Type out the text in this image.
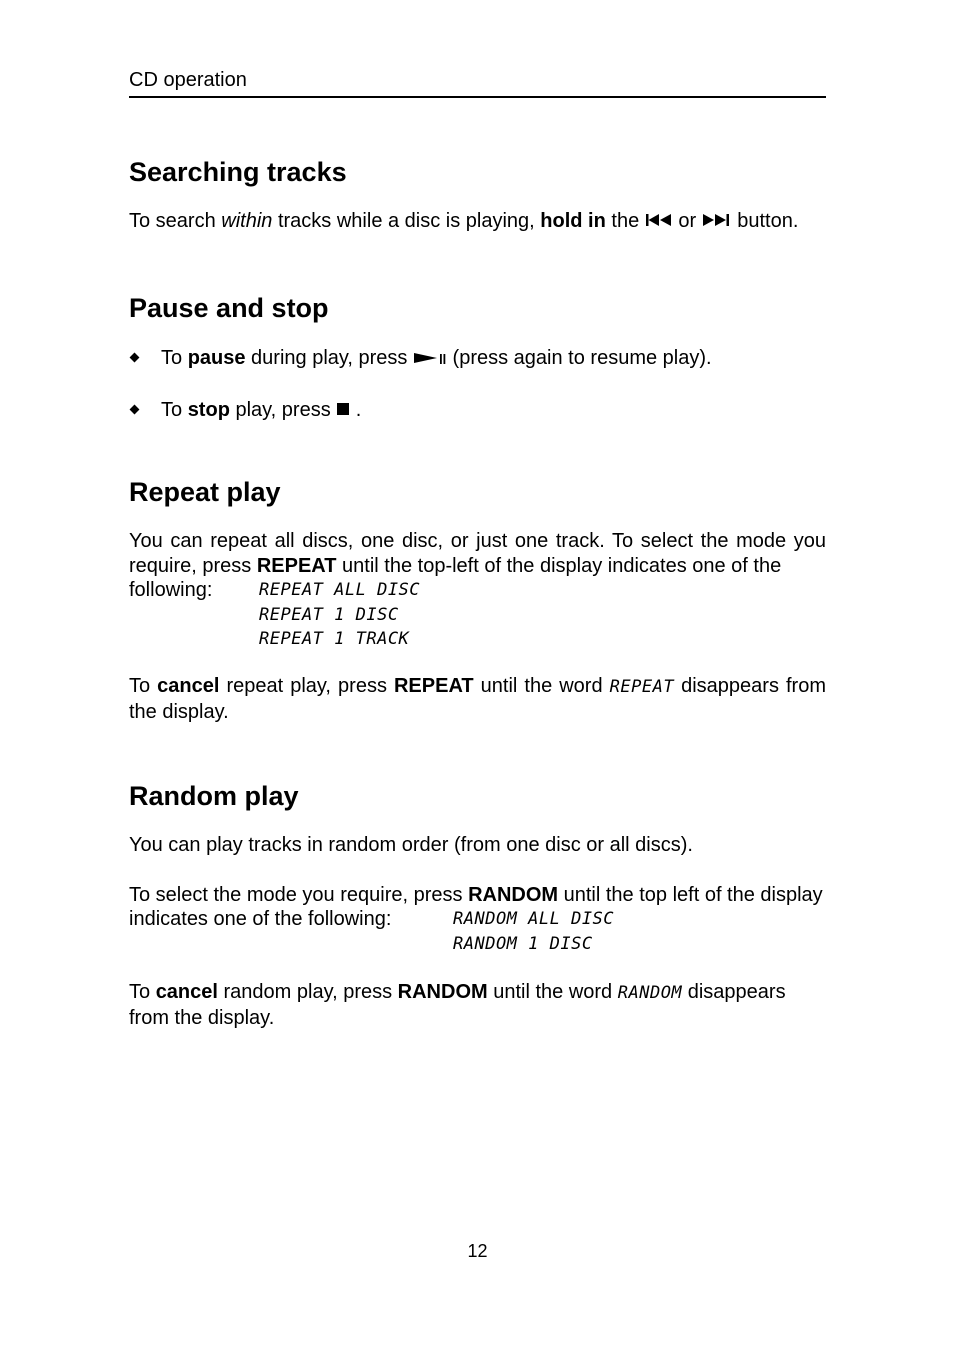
CD operation
Searching tracks

To search within tracks while a disc is playing, hold in the  or  button.

Pause and stop
To pause during play, press  (press again to resume play).
To stop play, press  .
Repeat play

You can repeat all discs, one disc, or just one track. To select the mode you require, press REPEAT until the top-left of the display indicates one of the

following:	REPEAT ALL DISC
REPEAT 1 DISC
REPEAT 1 TRACK

To cancel repeat play, press REPEAT until the word REPEAT disappears from the display.

Random play

You can play tracks in random order (from one disc or all discs).

To select the mode you require, press RANDOM until the top left of the display

indicates one of the following:	RANDOM ALL DISC
RANDOM 1 DISC

To cancel random play, press RANDOM until the word RANDOM disappears from the display.

12
